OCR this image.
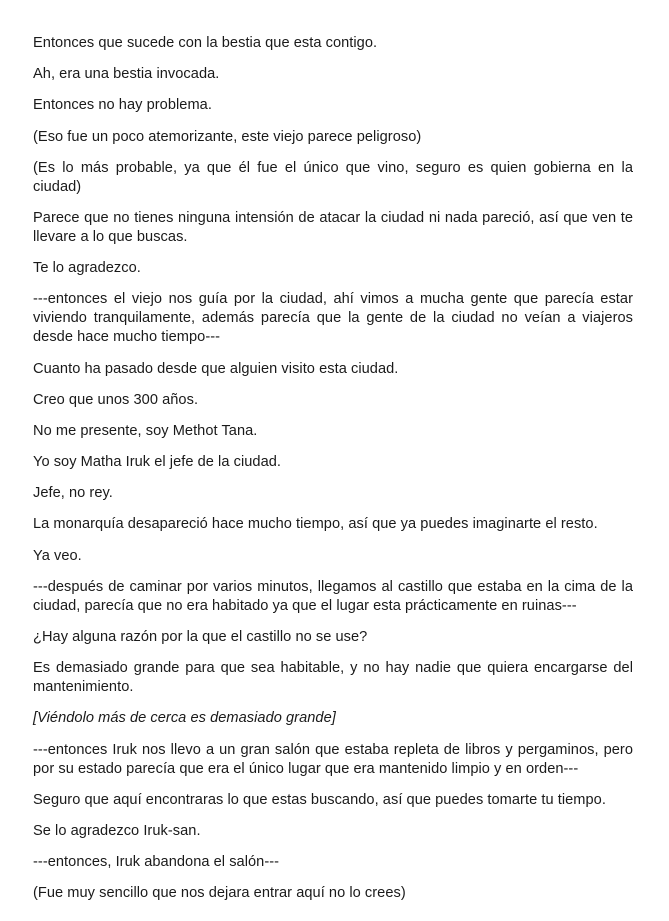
Entonces que sucede con la bestia que esta contigo.

Ah, era una bestia invocada.

Entonces no hay problema.

(Eso fue un poco atemorizante, este viejo parece peligroso)

(Es lo más probable, ya que él fue el único que vino, seguro es quien gobierna en la ciudad)

Parece que no tienes ninguna intensión de atacar la ciudad ni nada pareció, así que ven te llevare a lo que buscas.

Te lo agradezco.

---entonces el viejo nos guía por la ciudad, ahí vimos a mucha gente que parecía estar viviendo tranquilamente, además parecía que la gente de la ciudad no veían a viajeros desde hace mucho tiempo---

Cuanto ha pasado desde que alguien visito esta ciudad.

Creo que unos 300 años.

No me presente, soy Methot Tana.

Yo soy Matha Iruk el jefe de la ciudad.

Jefe, no rey.

La monarquía desapareció hace mucho tiempo, así que ya puedes imaginarte el resto.

Ya veo.

---después de caminar por varios minutos, llegamos al castillo que estaba en la cima de la ciudad, parecía que no era habitado ya que el lugar esta prácticamente en ruinas---

¿Hay alguna razón por la que el castillo no se use?

Es demasiado grande para que sea habitable, y no hay nadie que quiera encargarse del mantenimiento.

[Viéndolo más de cerca es demasiado grande]

---entonces Iruk nos llevo a un gran salón que estaba repleta de libros y pergaminos, pero por su estado parecía que era el único lugar que era mantenido limpio y en orden---

Seguro que aquí encontraras lo que estas buscando, así que puedes tomarte tu tiempo.

Se lo agradezco Iruk-san.

---entonces, Iruk abandona el salón---

(Fue muy sencillo que nos dejara entrar aquí no lo crees)
